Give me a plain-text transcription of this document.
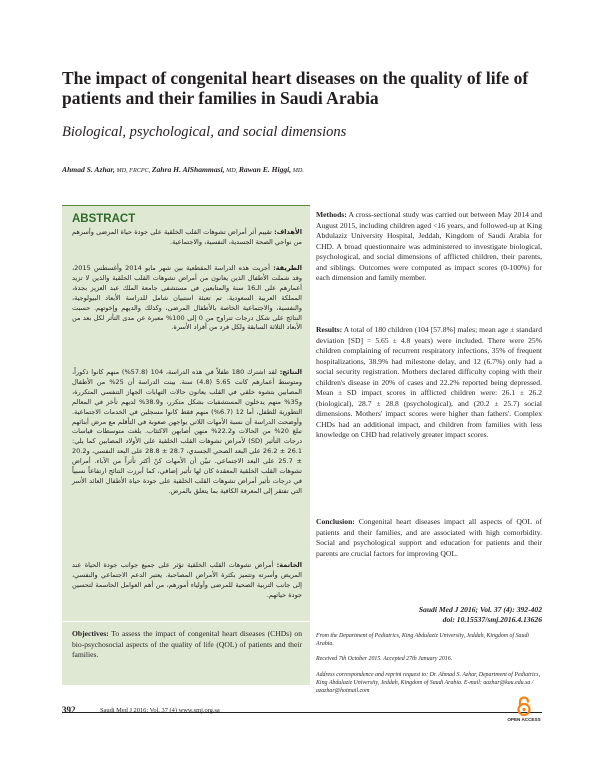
The impact of congenital heart diseases on the quality of life of patients and their families in Saudi Arabia
Biological, psychological, and social dimensions
Ahmad S. Azhar, MD, FRCPC, Zahra H. AlShammasi, MD, Rawan E. Higgi, MD.
ABSTRACT
الأهداف: تقييم أثر أمراض تشوهات القلب الخلقية على جودة حياة المرضى وأسرهم من نواحي الصحة الجسدية، النفسية، والاجتماعية.
الطريقة: أجريت هذه الدراسة المقطعية بين شهر مايو 2014 وأغسطس 2015، وقد شملت الأطفال الذين يعانون من أمراض تشوهات القلب الخلقية والذين لا تزيد أعمارهم على الـ16 سنة والمتابعين في مستشفى جامعة الملك عبد العزيز بجدة، المملكة العربية السعودية. تم تعبئة استبيان شامل للدراسة الأبعاد البيولوجية، والنفسية، والاجتماعية الخاصة بالأطفال المرضى، وكذلك والديهم وإخوتهم. حسبت النتائج على شكل درجات تتراوح من 0 إلى 100% معبرة عن مدى التأثر لكل بعد من الأبعاد الثلاثة السابقة ولكل فرد من أفراد الأسرة.
النتائج: لقد اشترك 180 طفلاً في هذه الدراسة، 104 (57.8%) منهم كانوا ذكوراً، ومتوسط أعمارهم كانت 5.65 (4.8) سنة. بينت الدراسة أن 25% من الأطفال المصابين بتشوه خلقي في القلب يعانون حالات التهابات الجهاز التنفسي المتكررة، و35% منهم يدخلون المستشفيات بشكل متكرر، و38.9% لديهم تأخر في المعالم التطورية للطفل، أما 12 (6.7%) منهم فقط كانوا مسجلين في الخدمات الاجتماعية. وأوضحت الدراسة أن نسبة الأمهات اللاتي يواجهن صعوبة في التأقلم مع مرض أبنائهم تبلغ 20% من الحالات و22.2% منهن أصابهن الاكتئاب. بلغت متوسطات قياسات درجات التأثير (SD) لأمراض تشوهات القلب الخلقية على الأولاد المصابين كما يلي: 26.1 ± 26.2 على البعد الصحي الجسدي، 28.7 ± 28.8 على البعد النفسي، و20.2 ± 25.7 على البعد الاجتماعي. تبيّن أن الأمهات كنّ أكثر تأثراً من الآباء. أمراض تشوهات القلب الخلقية المعقدة كان لها تأثير إضافي، كما أبرزت النتائج ارتفاعاً نسبياً في درجات تأثير أمراض تشوهات القلب الخلقية على جودة حياة الأطفال العائد الأسر التي تفتقر إلى المعرفة الكافية بما يتعلق بالمرض.
الخاتمة: أمراض تشوهات القلب الخلقية تؤثر على جميع جوانب جودة الحياة عند المريض وأسرته وتتميز بكثرة الأمراض المصاحبة. يعتبر الدعم الاجتماعي والنفسي، إلى جانب التربية الصحية للمرضى وأولياء أمورهم، من أهم العوامل الحاسمة لتحسين جودة حياتهم.
Objectives: To assess the impact of congenital heart diseases (CHDs) on bio-psychosocial aspects of the quality of life (QOL) of patients and their families.
Methods: A cross-sectional study was carried out between May 2014 and August 2015, including children aged <16 years, and followed-up at King Abdulaziz University Hospital, Jeddah, Kingdom of Saudi Arabia for CHD. A broad questionnaire was administered to investigate biological, psychological, and social dimensions of afflicted children, their parents, and siblings. Outcomes were computed as impact scores (0-100%) for each dimension and family member.
Results: A total of 180 children (104 [57.8%] males; mean age ± standard deviation [SD] = 5.65 ± 4.8 years) were included. There were 25% children complaining of recurrent respiratory infections, 35% of frequent hospitalizations, 38.9% had milestone delay, and 12 (6.7%) only had a social security registration. Mothers declared difficulty coping with their children's disease in 20% of cases and 22.2% reported being depressed. Mean ± SD impact scores in afflicted children were: 26.1 ± 26.2 (biological), 28.7 ± 28.8 (psychological), and (20.2 ± 25.7) social dimensions. Mothers' impact scores were higher than fathers'. Complex CHDs had an additional impact, and children from families with less knowledge on CHD had relatively greater impact scores.
Conclusion: Congenital heart diseases impact all aspects of QOL of patients and their families, and are associated with high comorbidity. Social and psychological support and education for patients and their parents are crucial factors for improving QOL.
Saudi Med J 2016; Vol. 37 (4): 392-402
doi: 10.15537/smj.2016.4.13626
From the Department of Pediatrics, King Abdulaziz University, Jeddah, Kingdom of Saudi Arabia.
Received 7th October 2015. Accepted 27th January 2016.
Address correspondence and reprint request to: Dr. Ahmad S. Azhar, Department of Pediatrics, King Abdulaziz University, Jeddah, Kingdom of Saudi Arabia. E-mail: aazhar@kau.edu.sa / azazhar@hotmail.com
392	Saudi Med J 2016; Vol. 37 (4) www.smj.org.sa
OPEN ACCESS
